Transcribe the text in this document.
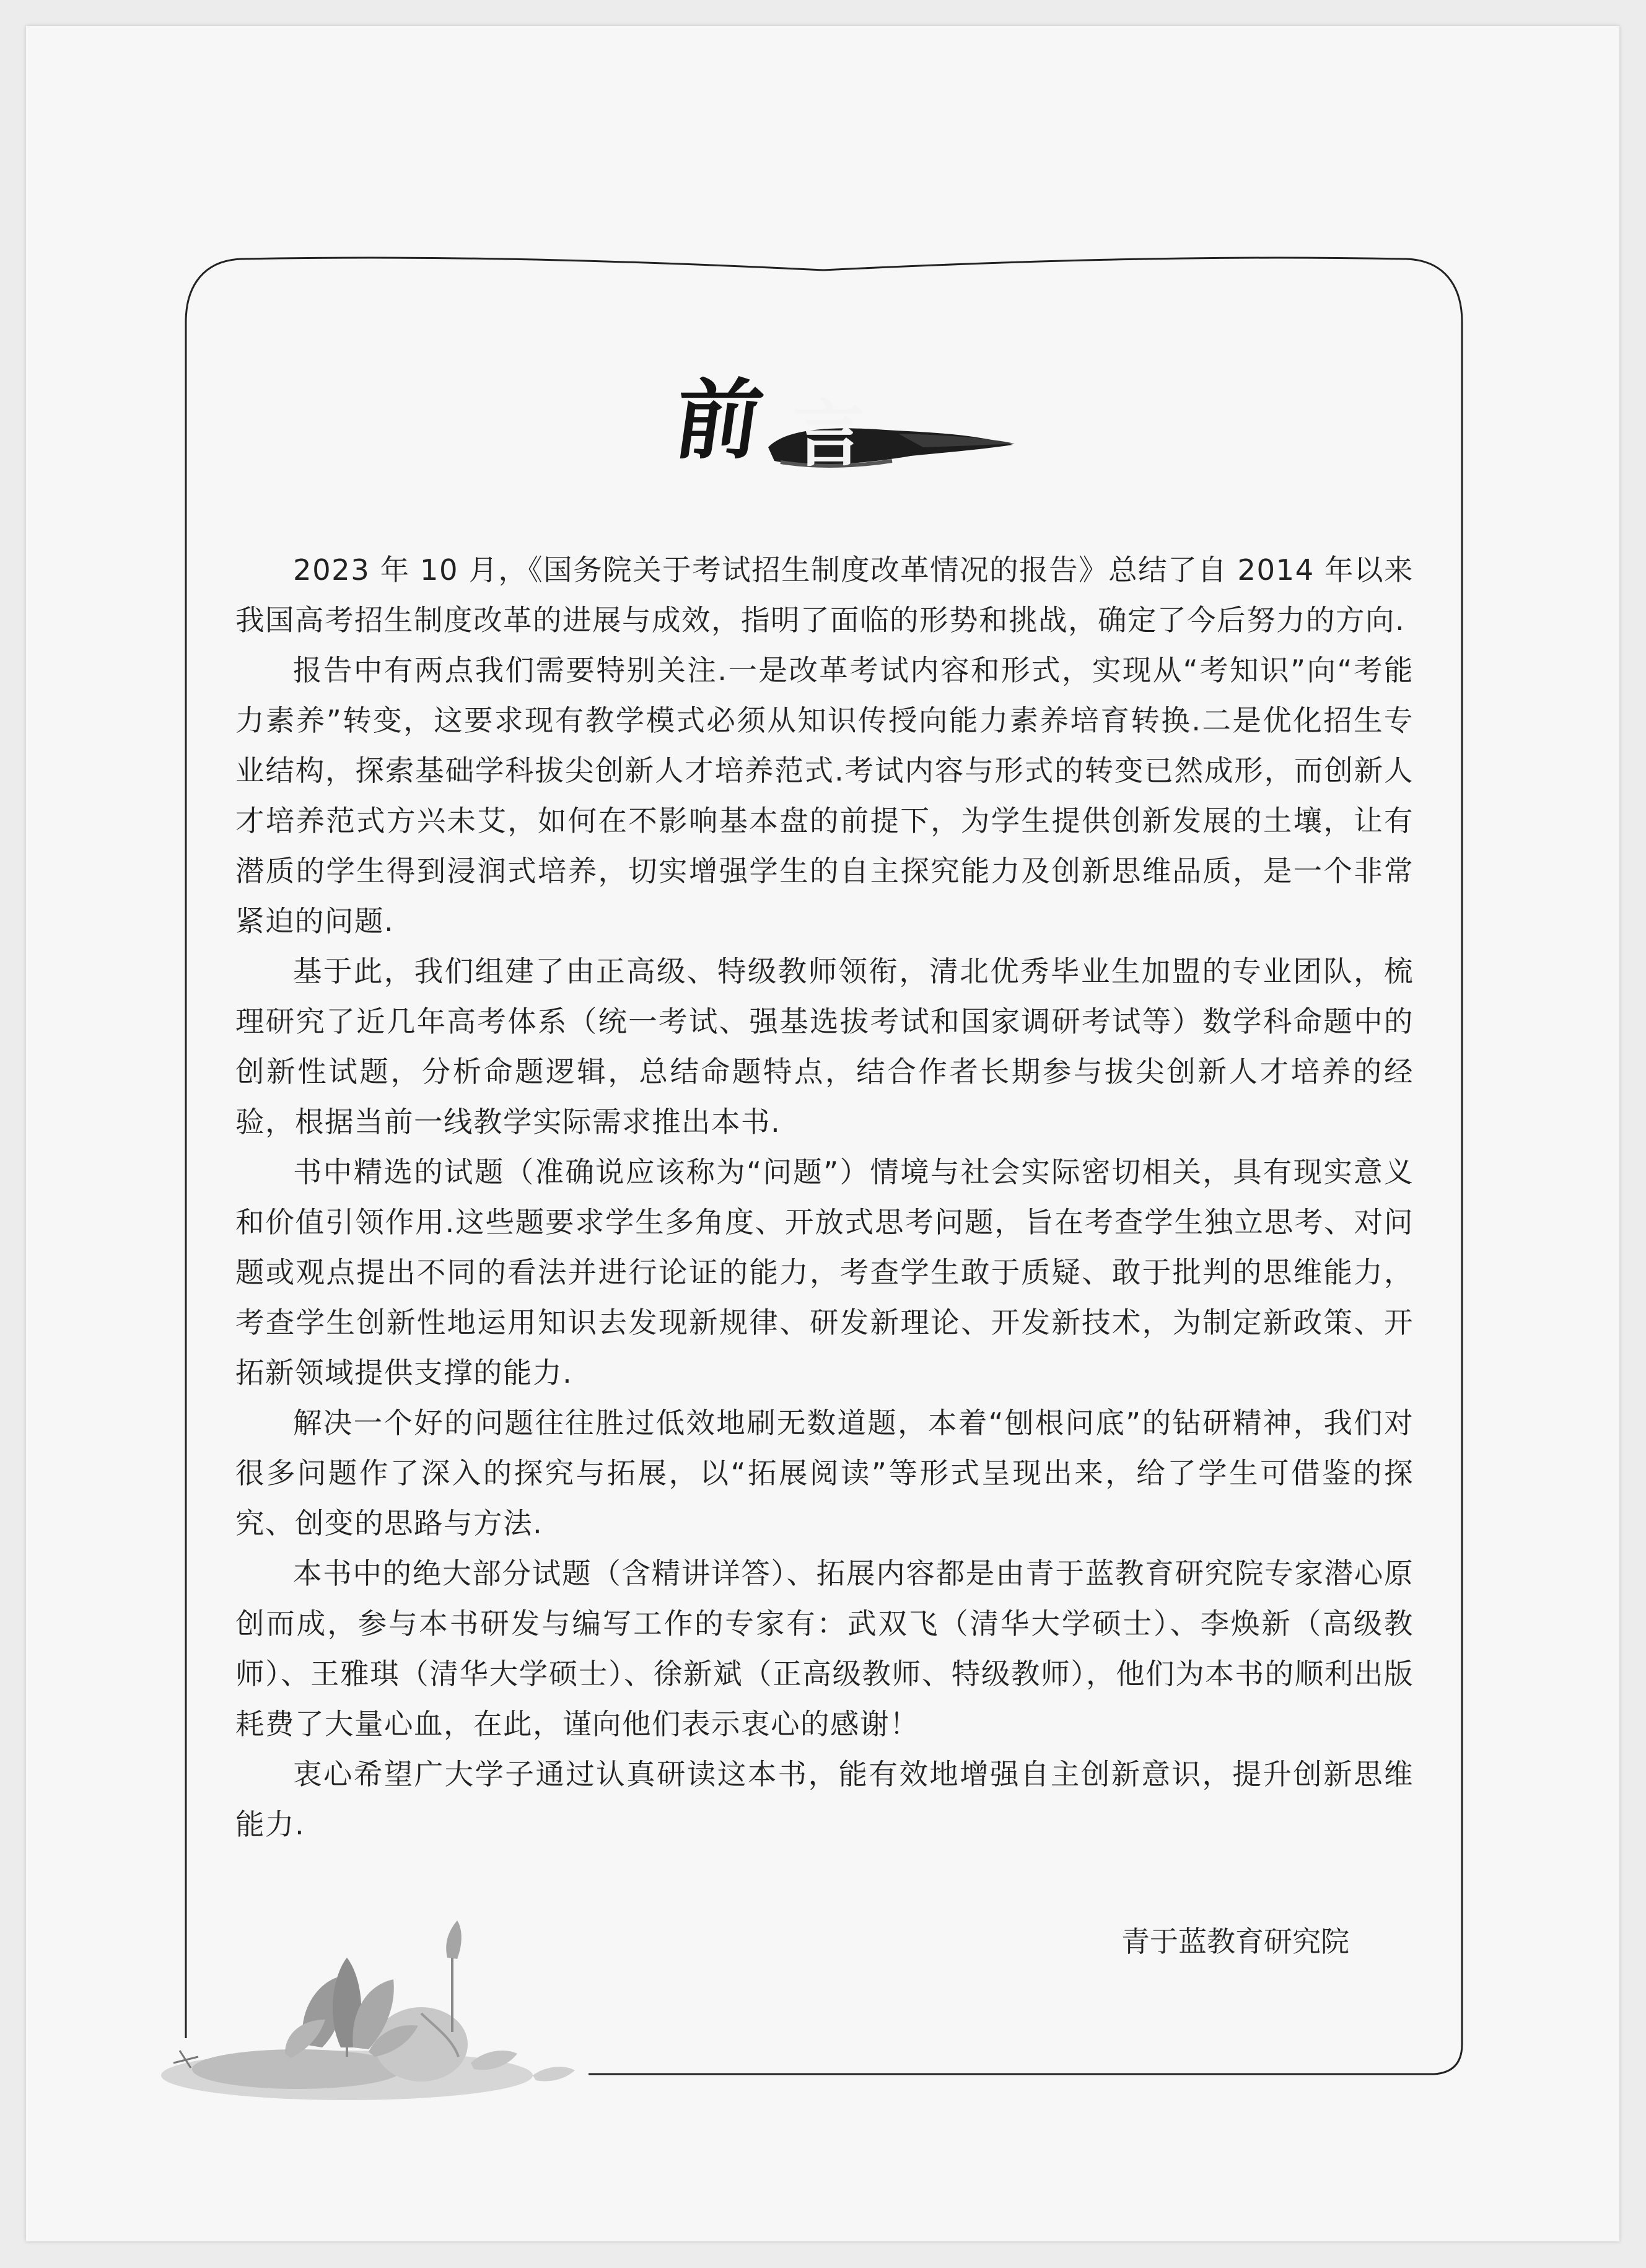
前 言

2023 年 10 月，《国务院关于考试招生制度改革情况的报告》总结了自 2014 年以来我国高考招生制度改革的进展与成效，指明了面临的形势和挑战，确定了今后努力的方向.

报告中有两点我们需要特别关注.一是改革考试内容和形式，实现从“考知识”向“考能力素养”转变，这要求现有教学模式必须从知识传授向能力素养培育转换.二是优化招生专业结构，探索基础学科拔尖创新人才培养范式.考试内容与形式的转变已然成形，而创新人才培养范式方兴未艾，如何在不影响基本盘的前提下，为学生提供创新发展的土壤，让有潜质的学生得到浸润式培养，切实增强学生的自主探究能力及创新思维品质，是一个非常紧迫的问题.

基于此，我们组建了由正高级、特级教师领衔，清北优秀毕业生加盟的专业团队，梳理研究了近几年高考体系（统一考试、强基选拔考试和国家调研考试等）数学科命题中的创新性试题，分析命题逻辑，总结命题特点，结合作者长期参与拔尖创新人才培养的经验，根据当前一线教学实际需求推出本书.

书中精选的试题（准确说应该称为“问题”）情境与社会实际密切相关，具有现实意义和价值引领作用.这些题要求学生多角度、开放式思考问题，旨在考查学生独立思考、对问题或观点提出不同的看法并进行论证的能力，考查学生敢于质疑、敢于批判的思维能力，考查学生创新性地运用知识去发现新规律、研发新理论、开发新技术，为制定新政策、开拓新领域提供支撑的能力.

解决一个好的问题往往胜过低效地刷无数道题，本着“刨根问底”的钻研精神，我们对很多问题作了深入的探究与拓展，以“拓展阅读”等形式呈现出来，给了学生可借鉴的探究、创变的思路与方法.

本书中的绝大部分试题（含精讲详答）、拓展内容都是由青于蓝教育研究院专家潜心原创而成，参与本书研发与编写工作的专家有：武双飞（清华大学硕士）、李焕新（高级教师）、王雅琪（清华大学硕士）、徐新斌（正高级教师、特级教师），他们为本书的顺利出版耗费了大量心血，在此，谨向他们表示衷心的感谢！

衷心希望广大学子通过认真研读这本书，能有效地增强自主创新意识，提升创新思维能力.

青于蓝教育研究院
